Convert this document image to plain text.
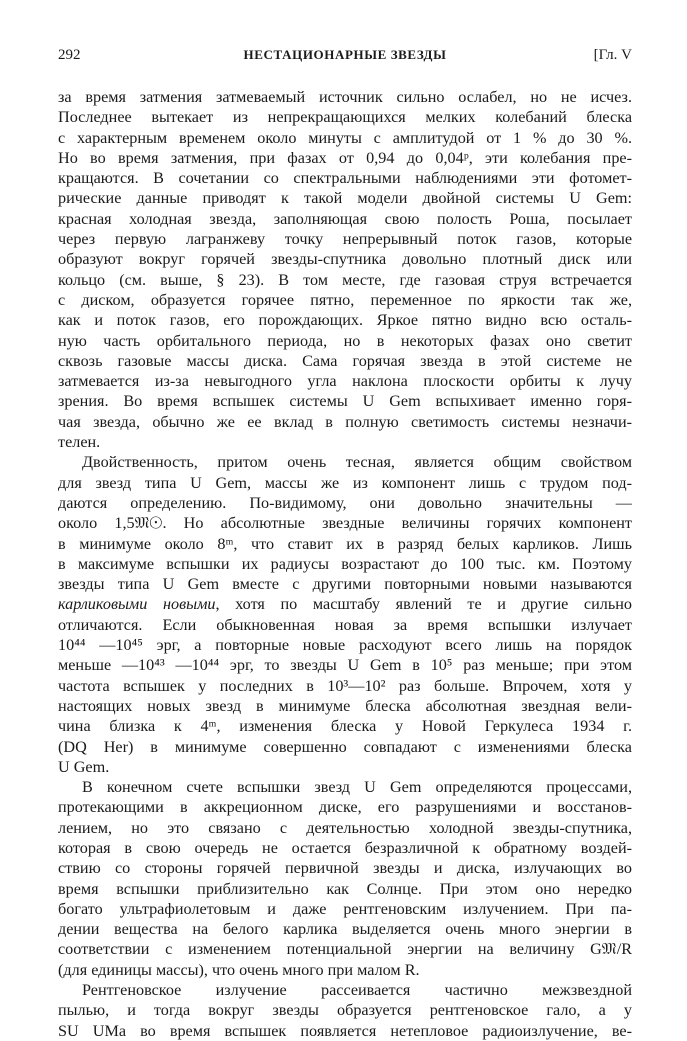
292	НЕСТАЦИОНАРНЫЕ ЗВЕЗДЫ	[Гл. V
за время затмения затмеваемый источник сильно ослабел, но не исчез.
Последнее вытекает из непрекращающихся мелких колебаний блеска
с характерным временем около минуты с амплитудой от 1 % до 30 %.
Но во время затмения, при фазах от 0,94 до 0,04ᵖ, эти колебания пре-
кращаются. В сочетании со спектральными наблюдениями эти фотомет-
рические данные приводят к такой модели двойной системы U Gem:
красная холодная звезда, заполняющая свою полость Роша, посылает
через первую лагранжеву точку непрерывный поток газов, которые
образуют вокруг горячей звезды-спутника довольно плотный диск или
кольцо (см. выше, § 23). В том месте, где газовая струя встречается
с диском, образуется горячее пятно, переменное по яркости так же,
как и поток газов, его порождающих. Яркое пятно видно всю осталь-
ную часть орбитального периода, но в некоторых фазах оно светит
сквозь газовые массы диска. Сама горячая звезда в этой системе не
затмевается из-за невыгодного угла наклона плоскости орбиты к лучу
зрения. Во время вспышек системы U Gem вспыхивает именно горя-
чая звезда, обычно же ее вклад в полную светимость системы незначи-
телен.
Двойственность, притом очень тесная, является общим свойством
для звезд типа U Gem, массы же из компонент лишь с трудом под-
даются определению. По-видимому, они довольно значительны —
около 1,5𝔐☉. Но абсолютные звездные величины горячих компонент
в минимуме около 8ᵐ, что ставит их в разряд белых карликов. Лишь
в максимуме вспышки их радиусы возрастают до 100 тыс. км. Поэтому
звезды типа U Gem вместе с другими повторными новыми называются
карликовыми новыми, хотя по масштабу явлений те и другие сильно
отличаются. Если обыкновенная новая за время вспышки излучает
10⁴⁴ —10⁴⁵ эрг, а повторные новые расходуют всего лишь на порядок
меньше —10⁴³ —10⁴⁴ эрг, то звезды U Gem в 10⁵ раз меньше; при этом
частота вспышек у последних в 10³—10² раз больше. Впрочем, хотя у
настоящих новых звезд в минимуме блеска абсолютная звездная вели-
чина близка к 4ᵐ, изменения блеска у Новой Геркулеса 1934 г.
(DQ Her) в минимуме совершенно совпадают с изменениями блеска
U Gem.
В конечном счете вспышки звезд U Gem определяются процессами,
протекающими в аккреционном диске, его разрушениями и восстанов-
лением, но это связано с деятельностью холодной звезды-спутника,
которая в свою очередь не остается безразличной к обратному воздей-
ствию со стороны горячей первичной звезды и диска, излучающих во
время вспышки приблизительно как Солнце. При этом оно нередко
богато ультрафиолетовым и даже рентгеновским излучением. При па-
дении вещества на белого карлика выделяется очень много энергии в
соответствии с изменением потенциальной энергии на величину G𝔐/R
(для единицы массы), что очень много при малом R.
Рентгеновское излучение рассеивается частично межзвездной
пылью, и тогда вокруг звезды образуется рентгеновское гало, а у
SU UMa во время вспышек появляется нетепловое радиоизлучение, ве-
